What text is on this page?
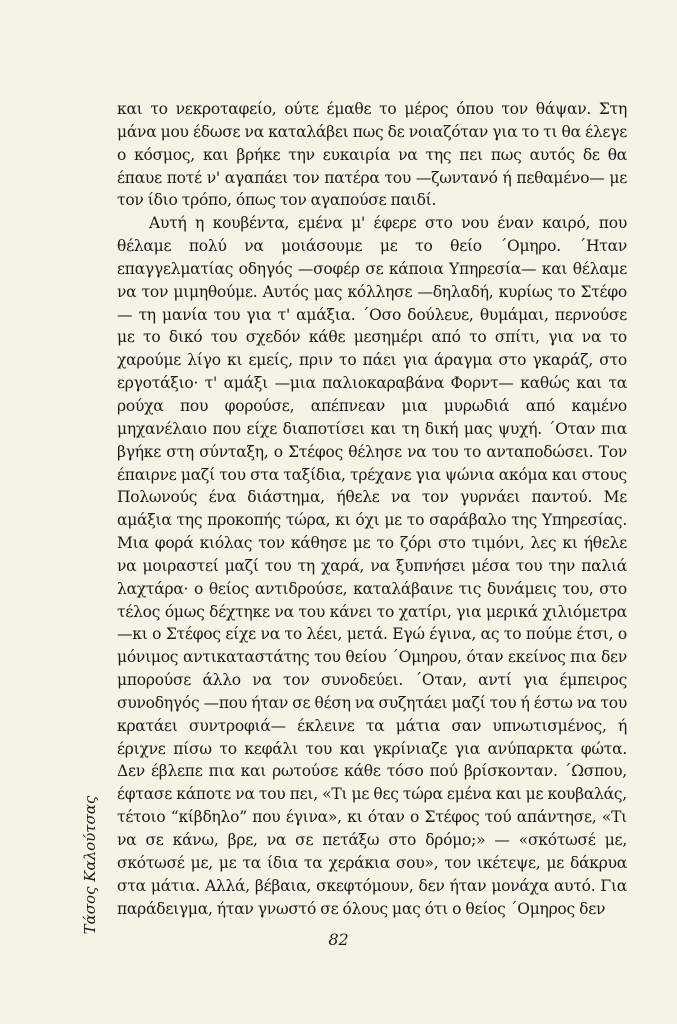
και το νεκροταφείο, ούτε έμαθε το μέρος όπου τον θάψαν. Στη μάνα μου έδωσε να καταλάβει πως δε νοιαζόταν για το τι θα έλεγε ο κόσμος, και βρήκε την ευκαιρία να της πει πως αυτός δε θα έπαυε ποτέ ν' αγαπάει τον πατέρα του —ζωντανό ή πεθαμένο— με τον ίδιο τρόπο, όπως τον αγαπούσε παιδί.

Αυτή η κουβέντα, εμένα μ' έφερε στο νου έναν καιρό, που θέλαμε πολύ να μοιάσουμε με το θείο ΄Ομηρο. ΄Ηταν επαγγελματίας οδηγός —σοφέρ σε κάποια Υπηρεσία— και θέλαμε να τον μιμηθούμε. Αυτός μας κόλλησε —δηλαδή, κυρίως το Στέφο— τη μανία του για τ' αμάξια. ΄Οσο δούλευε, θυμάμαι, περνούσε με το δικό του σχεδόν κάθε μεσημέρι από το σπίτι, για να το χαρούμε λίγο κι εμείς, πριν το πάει για άραγμα στο γκαράζ, στο εργοτάξιο· τ' αμάξι —μια παλιοκαραβάνα Φορντ— καθώς και τα ρούχα που φορούσε, απέπνεαν μια μυρωδιά από καμένο μηχανέλαιο που είχε διαποτίσει και τη δική μας ψυχή. ΄Οταν πια βγήκε στη σύνταξη, ο Στέφος θέλησε να του το ανταποδώσει. Τον έπαιρνε μαζί του στα ταξίδια, τρέχανε για ψώνια ακόμα και στους Πολωνούς ένα διάστημα, ήθελε να τον γυρνάει παντού. Με αμάξια της προκοπής τώρα, κι όχι με το σαράβαλο της Υπηρεσίας. Μια φορά κιόλας τον κάθησε με το ζόρι στο τιμόνι, λες κι ήθελε να μοιραστεί μαζί του τη χαρά, να ξυπνήσει μέσα του την παλιά λαχτάρα· ο θείος αντιδρούσε, καταλάβαινε τις δυνάμεις του, στο τέλος όμως δέχτηκε να του κάνει το χατίρι, για μερικά χιλιόμετρα —κι ο Στέφος είχε να το λέει, μετά. Εγώ έγινα, ας το πούμε έτσι, ο μόνιμος αντικαταστάτης του θείου ΄Ομηρου, όταν εκείνος πια δεν μπορούσε άλλο να τον συνοδεύει. ΄Οταν, αντί για έμπειρος συνοδηγός —που ήταν σε θέση να συζητάει μαζί του ή έστω να του κρατάει συντροφιά— έκλεινε τα μάτια σαν υπνωτισμένος, ή έριχνε πίσω το κεφάλι του και γκρίνιαζε για ανύπαρκτα φώτα. Δεν έβλεπε πια και ρωτούσε κάθε τόσο πού βρίσκονταν. ΄Ωσπου, έφτασε κάποτε να του πει, «Τι με θες τώρα εμένα και με κουβαλάς, τέτοιο “κίβδηλο” που έγινα», κι όταν ο Στέφος τού απάντησε, «Τι να σε κάνω, βρε, να σε πετάξω στο δρόμο;» — «σκότωσέ με, σκότωσέ με, με τα ίδια τα χεράκια σου», τον ικέτεψε, με δάκρυα στα μάτια. Αλλά, βέβαια, σκεφτόμουν, δεν ήταν μονάχα αυτό. Για παράδειγμα, ήταν γνωστό σε όλους μας ότι ο θείος ΄Ομηρος δεν

Τάσος Καλούτσας
82
